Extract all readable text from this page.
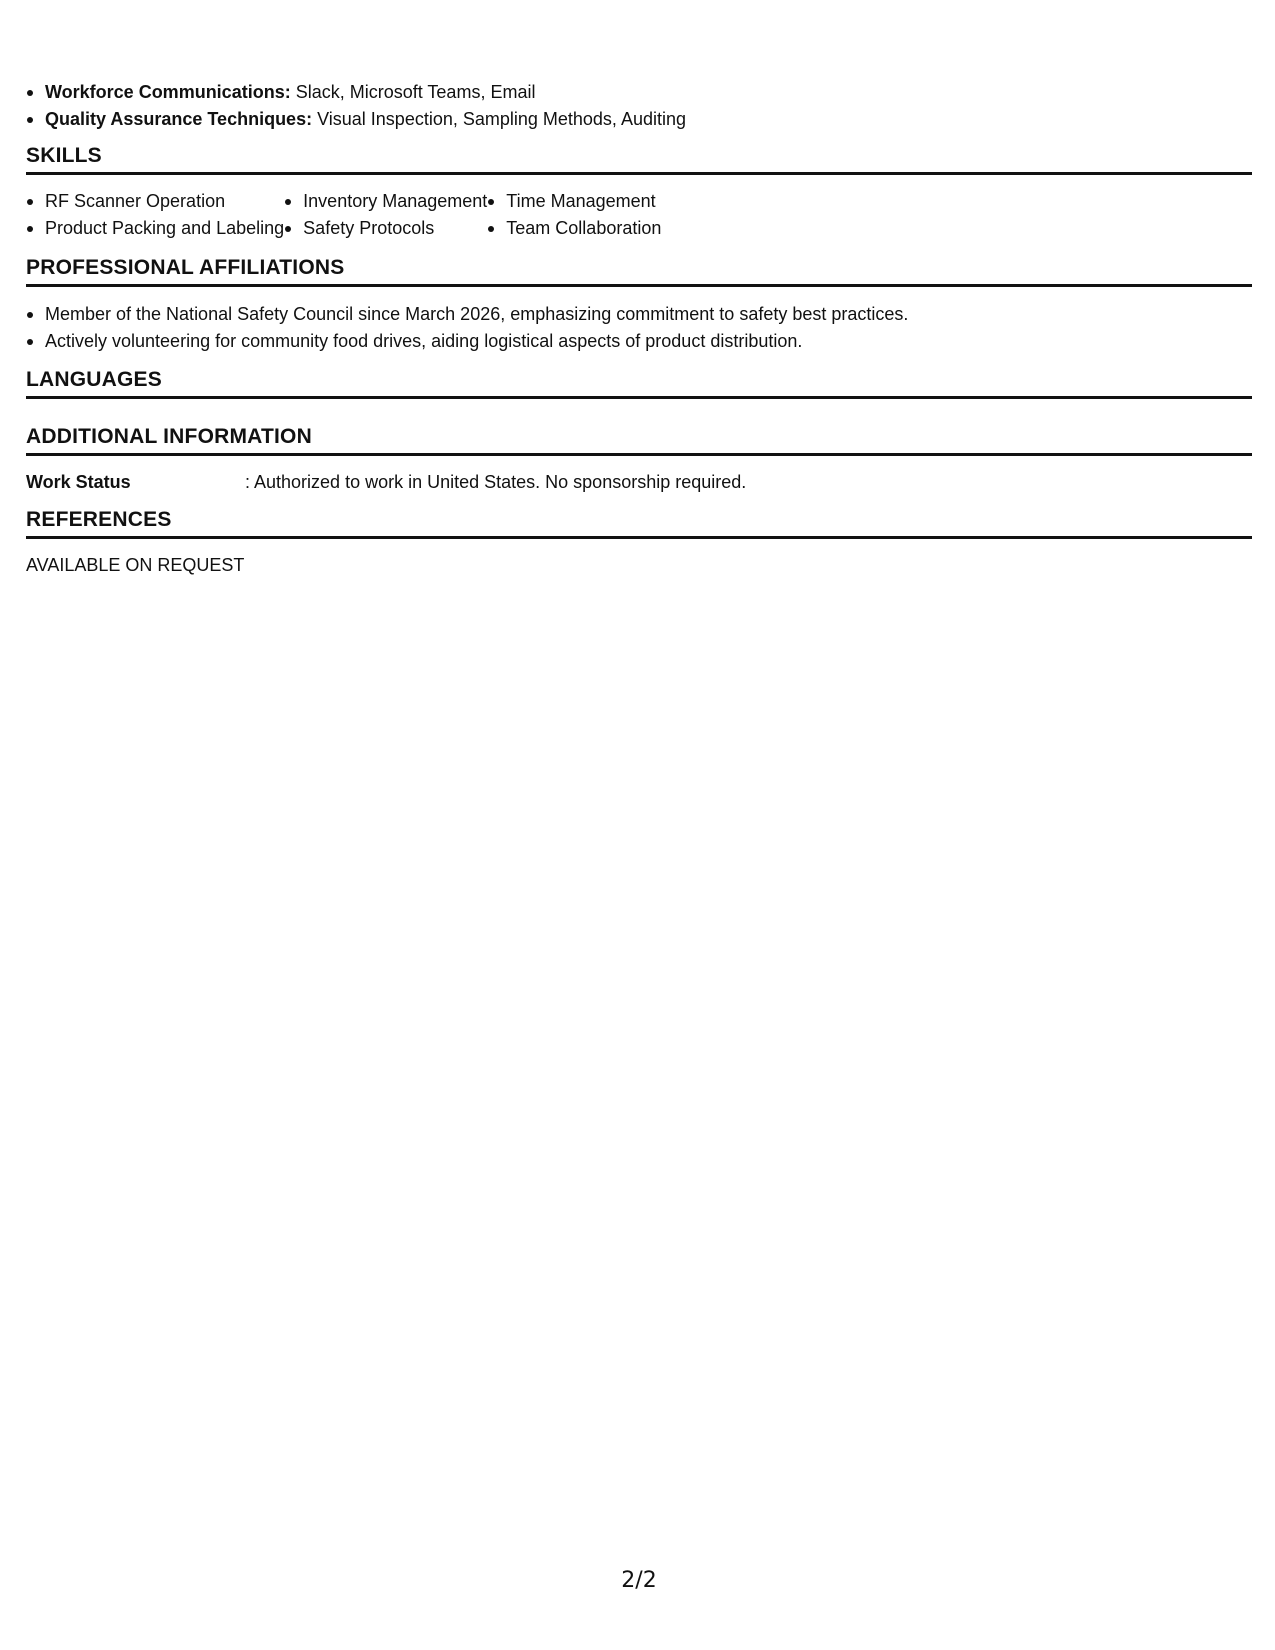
Workforce Communications: Slack, Microsoft Teams, Email
Quality Assurance Techniques: Visual Inspection, Sampling Methods, Auditing
SKILLS
RF Scanner Operation
Product Packing and Labeling
Inventory Management
Safety Protocols
Time Management
Team Collaboration
PROFESSIONAL AFFILIATIONS
Member of the National Safety Council since March 2026, emphasizing commitment to safety best practices.
Actively volunteering for community food drives, aiding logistical aspects of product distribution.
LANGUAGES
ADDITIONAL INFORMATION
Work Status	: Authorized to work in United States. No sponsorship required.
REFERENCES
AVAILABLE ON REQUEST
2/2
